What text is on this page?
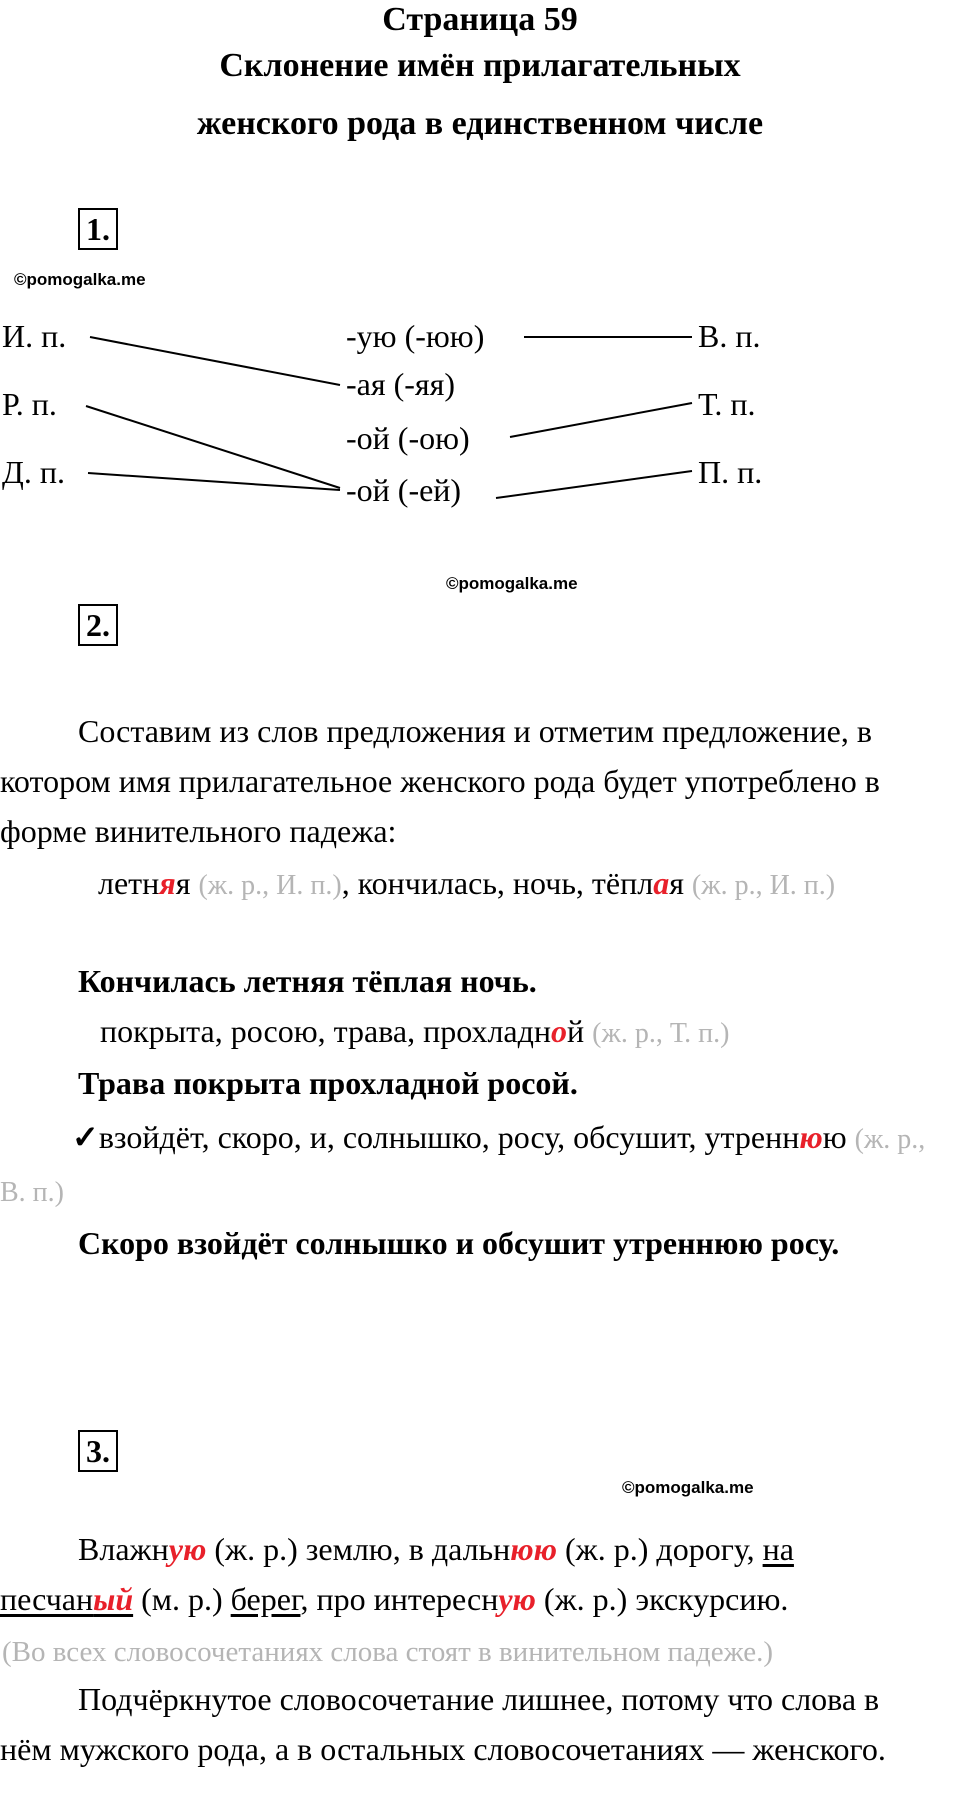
Страница 59
Склонение имён прилагательных
женского рода в единственном числе
1.
©pomogalka.me
И. п.
Р. п.
Д. п.
-ую (-юю)
-ая (-яя)
-ой (-ою)
-ой (-ей)
В. п.
Т. п.
П. п.
©pomogalka.me
2.
Составим из слов предложения и отметим предложение, в котором имя прилагательное женского рода будет употреблено в форме винительного падежа:
летняя (ж. р., И. п.), кончилась, ночь, тёплая (ж. р., И. п.)
Кончилась летняя тёплая ночь.
покрыта, росою, трава, прохладной (ж. р., Т. п.)
Трава покрыта прохладной росой.
✓взойдёт, скоро, и, солнышко, росу, обсушит, утреннюю (ж. р., В. п.)
Скоро взойдёт солнышко и обсушит утреннюю росу.
3.
©pomogalka.me
Влажную (ж. р.) землю, в дальнюю (ж. р.) дорогу, на песчаный (м. р.) берег, про интересную (ж. р.) экскурсию.
(Во всех словосочетаниях слова стоят в винительном падеже.)
Подчёркнутое словосочетание лишнее, потому что слова в нём мужского рода, а в остальных словосочетаниях — женского.
